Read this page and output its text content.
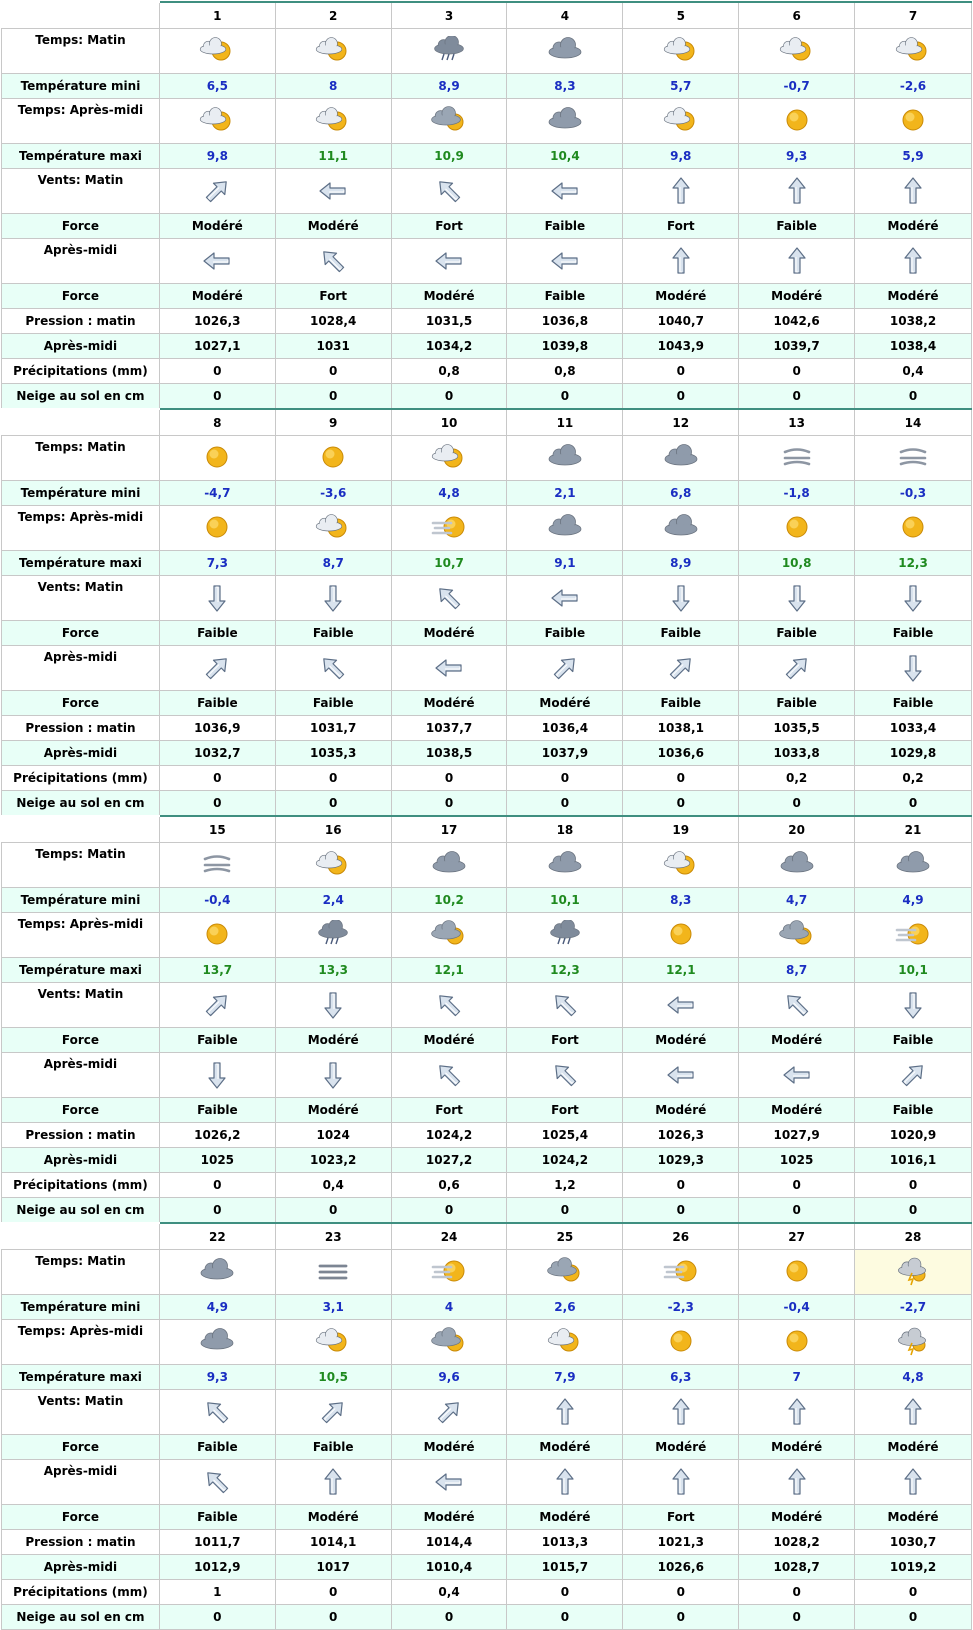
	1	2	3	4	5	6	7
Temps: Matin	

Température mini	6,5	8	8,9	8,3	5,7	-0,7	-2,6
Temps: Après-midi	

Température maxi	9,8	11,1	10,9	10,4	9,8	9,3	5,9
Vents: Matin	

Force	Modéré	Modéré	Fort	Faible	Fort	Faible	Modéré
Après-midi	

Force	Modéré	Fort	Modéré	Faible	Modéré	Modéré	Modéré
Pression : matin	1026,3	1028,4	1031,5	1036,8	1040,7	1042,6	1038,2
Après-midi	1027,1	1031	1034,2	1039,8	1043,9	1039,7	1038,4
Précipitations (mm)	0	0	0,8	0,8	0	0	0,4
Neige au sol en cm	0	0	0	0	0	0	0
	8	9	10	11	12	13	14
Temps: Matin	

Température mini	-4,7	-3,6	4,8	2,1	6,8	-1,8	-0,3
Temps: Après-midi	

Température maxi	7,3	8,7	10,7	9,1	8,9	10,8	12,3
Vents: Matin	

Force	Faible	Faible	Modéré	Faible	Faible	Faible	Faible
Après-midi	

Force	Faible	Faible	Modéré	Modéré	Faible	Faible	Faible
Pression : matin	1036,9	1031,7	1037,7	1036,4	1038,1	1035,5	1033,4
Après-midi	1032,7	1035,3	1038,5	1037,9	1036,6	1033,8	1029,8
Précipitations (mm)	0	0	0	0	0	0,2	0,2
Neige au sol en cm	0	0	0	0	0	0	0
	15	16	17	18	19	20	21
Temps: Matin	

Température mini	-0,4	2,4	10,2	10,1	8,3	4,7	4,9
Temps: Après-midi	

Température maxi	13,7	13,3	12,1	12,3	12,1	8,7	10,1
Vents: Matin	

Force	Faible	Modéré	Modéré	Fort	Modéré	Modéré	Faible
Après-midi	

Force	Faible	Modéré	Fort	Fort	Modéré	Modéré	Faible
Pression : matin	1026,2	1024	1024,2	1025,4	1026,3	1027,9	1020,9
Après-midi	1025	1023,2	1027,2	1024,2	1029,3	1025	1016,1
Précipitations (mm)	0	0,4	0,6	1,2	0	0	0
Neige au sol en cm	0	0	0	0	0	0	0
	22	23	24	25	26	27	28
Temps: Matin	

Température mini	4,9	3,1	4	2,6	-2,3	-0,4	-2,7
Temps: Après-midi	

Température maxi	9,3	10,5	9,6	7,9	6,3	7	4,8
Vents: Matin	

Force	Faible	Faible	Modéré	Modéré	Modéré	Modéré	Modéré
Après-midi	

Force	Faible	Modéré	Modéré	Modéré	Fort	Modéré	Modéré
Pression : matin	1011,7	1014,1	1014,4	1013,3	1021,3	1028,2	1030,7
Après-midi	1012,9	1017	1010,4	1015,7	1026,6	1028,7	1019,2
Précipitations (mm)	1	0	0,4	0	0	0	0
Neige au sol en cm	0	0	0	0	0	0	0
